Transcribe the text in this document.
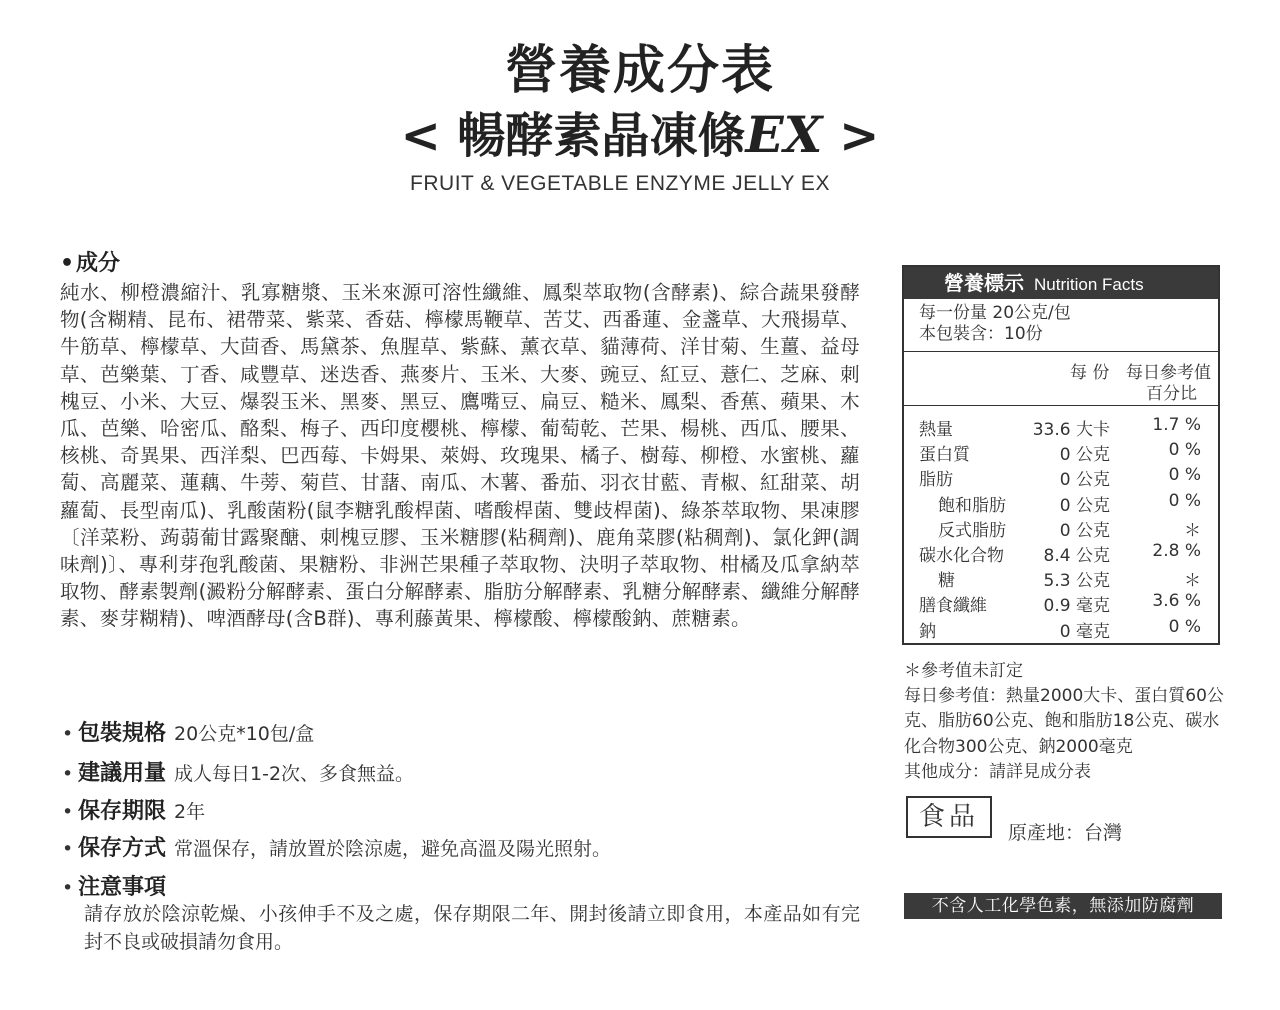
營養成分表
< 暢酵素晶凍條EX >
FRUIT & VEGETABLE ENZYME JELLY EX
•成分
純水、柳橙濃縮汁、乳寡糖漿、玉米來源可溶性纖維、鳳梨萃取物(含酵素)、綜合蔬果發酵物(含糊精、昆布、裙帶菜、紫菜、香菇、檸檬馬鞭草、苦艾、西番蓮、金盞草、大飛揚草、牛筋草、檸檬草、大茴香、馬黛茶、魚腥草、紫蘇、薰衣草、貓薄荷、洋甘菊、生薑、益母草、芭樂葉、丁香、咸豐草、迷迭香、燕麥片、玉米、大麥、豌豆、紅豆、薏仁、芝麻、刺槐豆、小米、大豆、爆裂玉米、黑麥、黑豆、鷹嘴豆、扁豆、糙米、鳳梨、香蕉、蘋果、木瓜、芭樂、哈密瓜、酪梨、梅子、西印度櫻桃、檸檬、葡萄乾、芒果、楊桃、西瓜、腰果、核桃、奇異果、西洋梨、巴西莓、卡姆果、萊姆、玫瑰果、橘子、樹莓、柳橙、水蜜桃、蘿蔔、高麗菜、蓮藕、牛蒡、菊苣、甘藷、南瓜、木薯、番茄、羽衣甘藍、青椒、紅甜菜、胡蘿蔔、長型南瓜)、乳酸菌粉(鼠李糖乳酸桿菌、嗜酸桿菌、雙歧桿菌)、綠茶萃取物、果凍膠〔洋菜粉、蒟蒻葡甘露聚醣、刺槐豆膠、玉米糖膠(粘稠劑)、鹿角菜膠(粘稠劑)、氯化鉀(調味劑)〕、專利芽孢乳酸菌、果糖粉、非洲芒果種子萃取物、決明子萃取物、柑橘及瓜拿納萃取物、酵素製劑(澱粉分解酵素、蛋白分解酵素、脂肪分解酵素、乳糖分解酵素、纖維分解酵素、麥芽糊精)、啤酒酵母(含B群)、專利藤黃果、檸檬酸、檸檬酸鈉、蔗糖素。
• 包裝規格 20公克*10包/盒
• 建議用量 成人每日1-2次、多食無益。
• 保存期限 2年
• 保存方式 常溫保存，請放置於陰涼處，避免高溫及陽光照射。
• 注意事項
請存放於陰涼乾燥、小孩伸手不及之處，保存期限二年、開封後請立即食用，本產品如有完封不良或破損請勿食用。
營養標示 Nutrition Facts
每一份量 20公克/包
本包裝含：10份
每 份 每日參考值
百分比
熱量	33.6 大卡 1.7 %
蛋白質	0 公克	0 %
脂肪	0 公克	0 %
飽和脂肪	0 公克	0 %
反式脂肪	0 公克	＊
碳水化合物 8.4 公克 2.8 %
糖	5.3 公克	＊
膳食纖維	0.9 毫克 3.6 %
鈉	0 毫克	0 %
＊參考值未訂定
每日參考值：熱量2000大卡、蛋白質60公克、脂肪60公克、飽和脂肪18公克、碳水化合物300公克、鈉2000毫克
其他成分：請詳見成分表
食品
原產地：台灣
不含人工化學色素，無添加防腐劑
